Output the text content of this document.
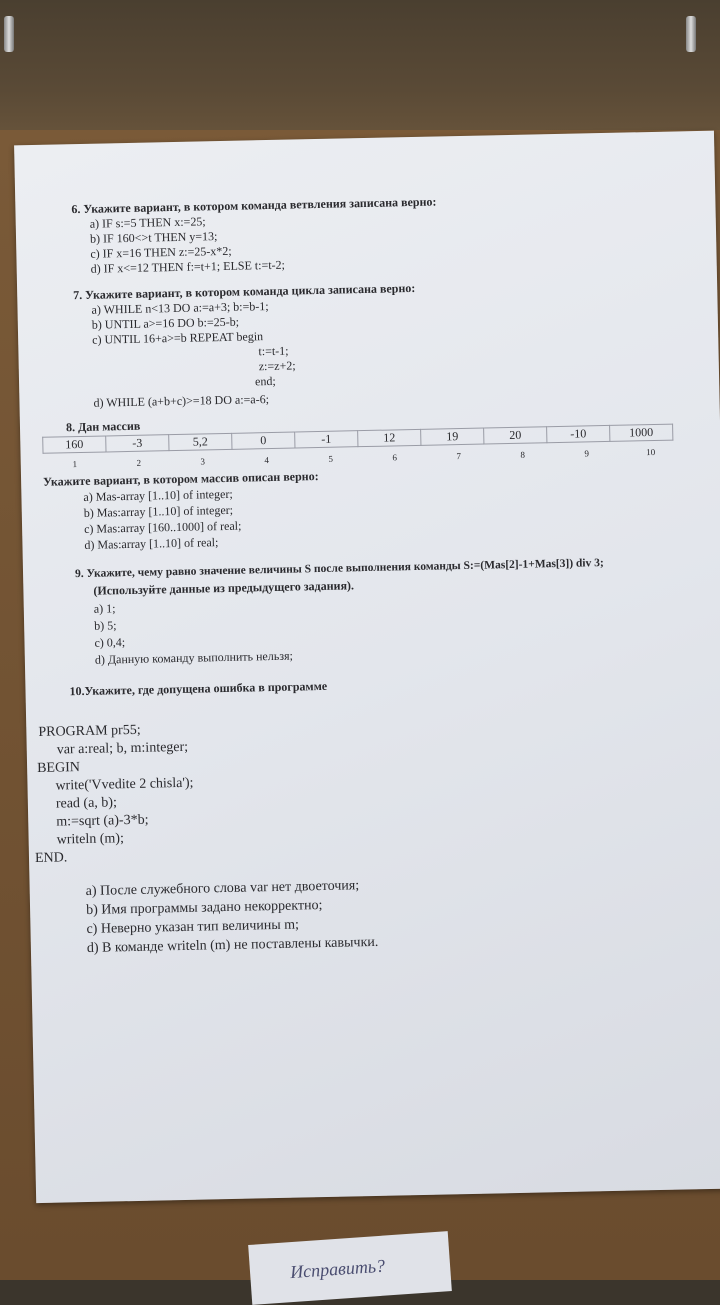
Исправить?
6. Укажите вариант, в котором команда ветвления записана верно:
a) IF s:=5 THEN x:=25;
b) IF 160<>t THEN y=13;
c) IF x=16 THEN z:=25-x*2;
d) IF x<=12 THEN f:=t+1; ELSE t:=t-2;
7. Укажите вариант, в котором команда цикла записана верно:
a) WHILE n<13 DO a:=a+3; b:=b-1;
b) UNTIL a>=16 DO b:=25-b;
c) UNTIL 16+a>=b REPEAT begin
t:=t-1;
z:=z+2;
end;
d) WHILE (a+b+c)>=18 DO a:=a-6;
8. Дан массив
160	-3	5,2	0	-1	12	19	20	-10	1000
1	2	3	4	5	6	7	8	9	10
Укажите вариант, в котором массив описан верно:
a) Mas-array [1..10] of integer;
b) Mas:array [1..10] of integer;
c) Mas:array [160..1000] of real;
d) Mas:array [1..10] of real;
9. Укажите, чему равно значение величины S после выполнения команды S:=(Mas[2]-1+Mas[3]) div 3;
(Используйте данные из предыдущего задания).
a) 1;
b) 5;
c) 0,4;
d) Данную команду выполнить нельзя;
10.Укажите, где допущена ошибка в программе
PROGRAM pr55;
var a:real; b, m:integer;
BEGIN
write('Vvedite 2 chisla');
read (a, b);
m:=sqrt (a)-3*b;
writeln (m);
END.
a) После служебного слова var нет двоеточия;
b) Имя программы задано некорректно;
c) Неверно указан тип величины m;
d) В команде writeln (m) не поставлены кавычки.
